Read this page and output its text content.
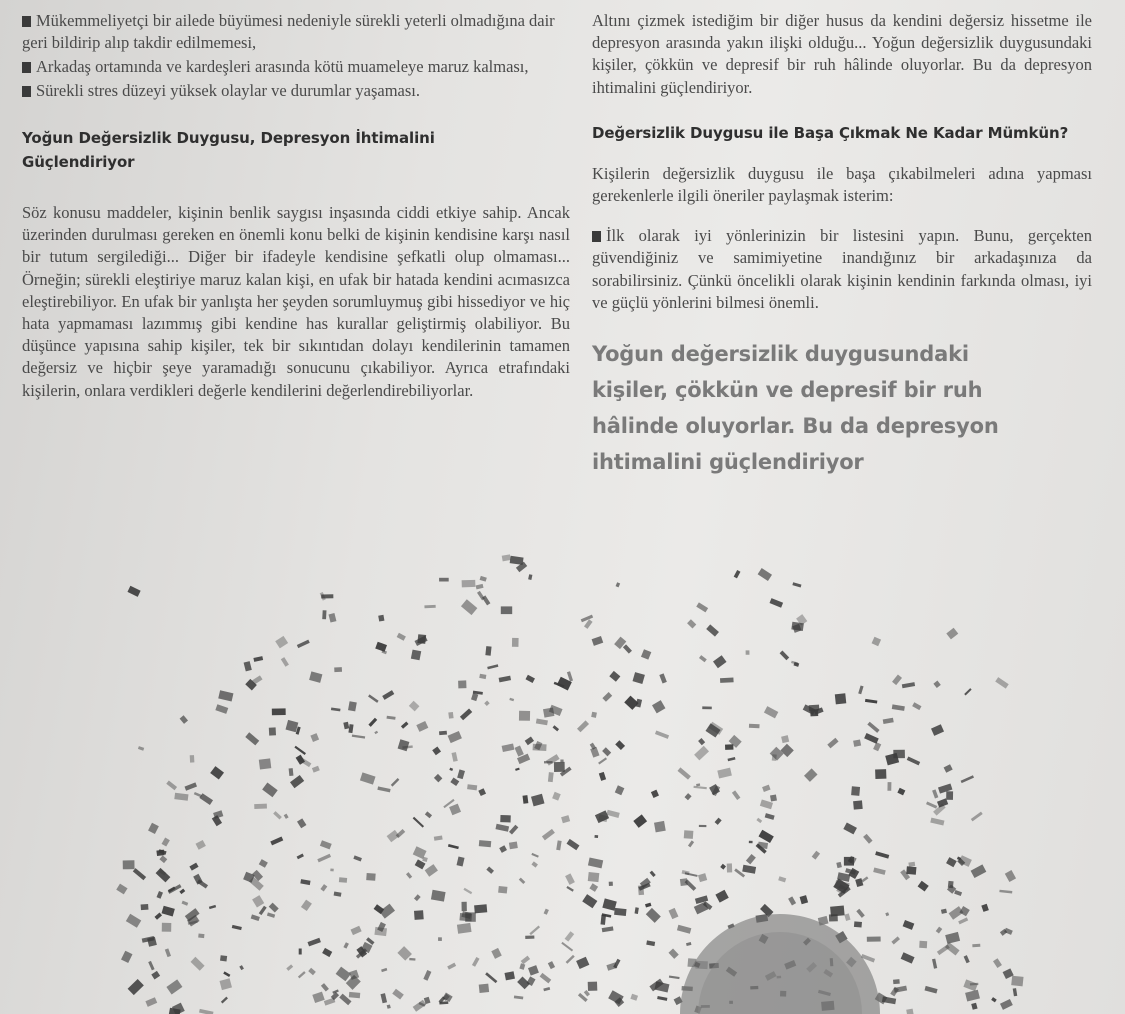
Mükemmeliyetçi bir ailede büyümesi nedeniyle sürekli yeterli olmadığına dair geri bildirip alıp takdir edilmemesi,

Arkadaş ortamında ve kardeşleri arasında kötü muameleye maruz kalması,

Sürekli stres düzeyi yüksek olaylar ve durumlar yaşaması.

Yoğun Değersizlik Duygusu, Depresyon İhtimalini Güçlendiriyor

Söz konusu maddeler, kişinin benlik saygısı inşasında ciddi etkiye sahip. Ancak üzerinden durulması gereken en önemli konu belki de kişinin kendisine karşı nasıl bir tutum sergilediği... Diğer bir ifadeyle kendisine şefkatli olup olmaması... Örneğin; sürekli eleştiriye maruz kalan kişi, en ufak bir hatada kendini acımasızca eleştirebiliyor. En ufak bir yanlışta her şeyden sorumluymuş gibi hissediyor ve hiç hata yapmaması lazımmış gibi kendine has kurallar geliştirmiş olabiliyor. Bu düşünce yapısına sahip kişiler, tek bir sıkıntıdan dolayı kendilerinin tamamen değersiz ve hiçbir şeye yaramadığı sonucunu çıkabiliyor. Ayrıca etrafındaki kişilerin, onlara verdikleri değerle kendilerini değerlendirebiliyorlar.

Altını çizmek istediğim bir diğer husus da kendini değersiz hissetme ile depresyon arasında yakın ilişki olduğu... Yoğun değersizlik duygusundaki kişiler, çökkün ve depresif bir ruh hâlinde oluyorlar. Bu da depresyon ihtimalini güçlendiriyor.

Değersizlik Duygusu ile Başa Çıkmak Ne Kadar Mümkün?

Kişilerin değersizlik duygusu ile başa çıkabilmeleri adına yapması gerekenlerle ilgili öneriler paylaşmak isterim:

İlk olarak iyi yönlerinizin bir listesini yapın. Bunu, gerçekten güvendiğiniz ve samimiyetine inandığınız bir arkadaşınıza da sorabilirsiniz. Çünkü öncelikli olarak kişinin kendinin farkında olması, iyi ve güçlü yönlerini bilmesi önemli.

Yoğun değersizlik duygusundaki kişiler, çökkün ve depresif bir ruh hâlinde oluyorlar. Bu da depresyon ihtimalini güçlendiriyor
